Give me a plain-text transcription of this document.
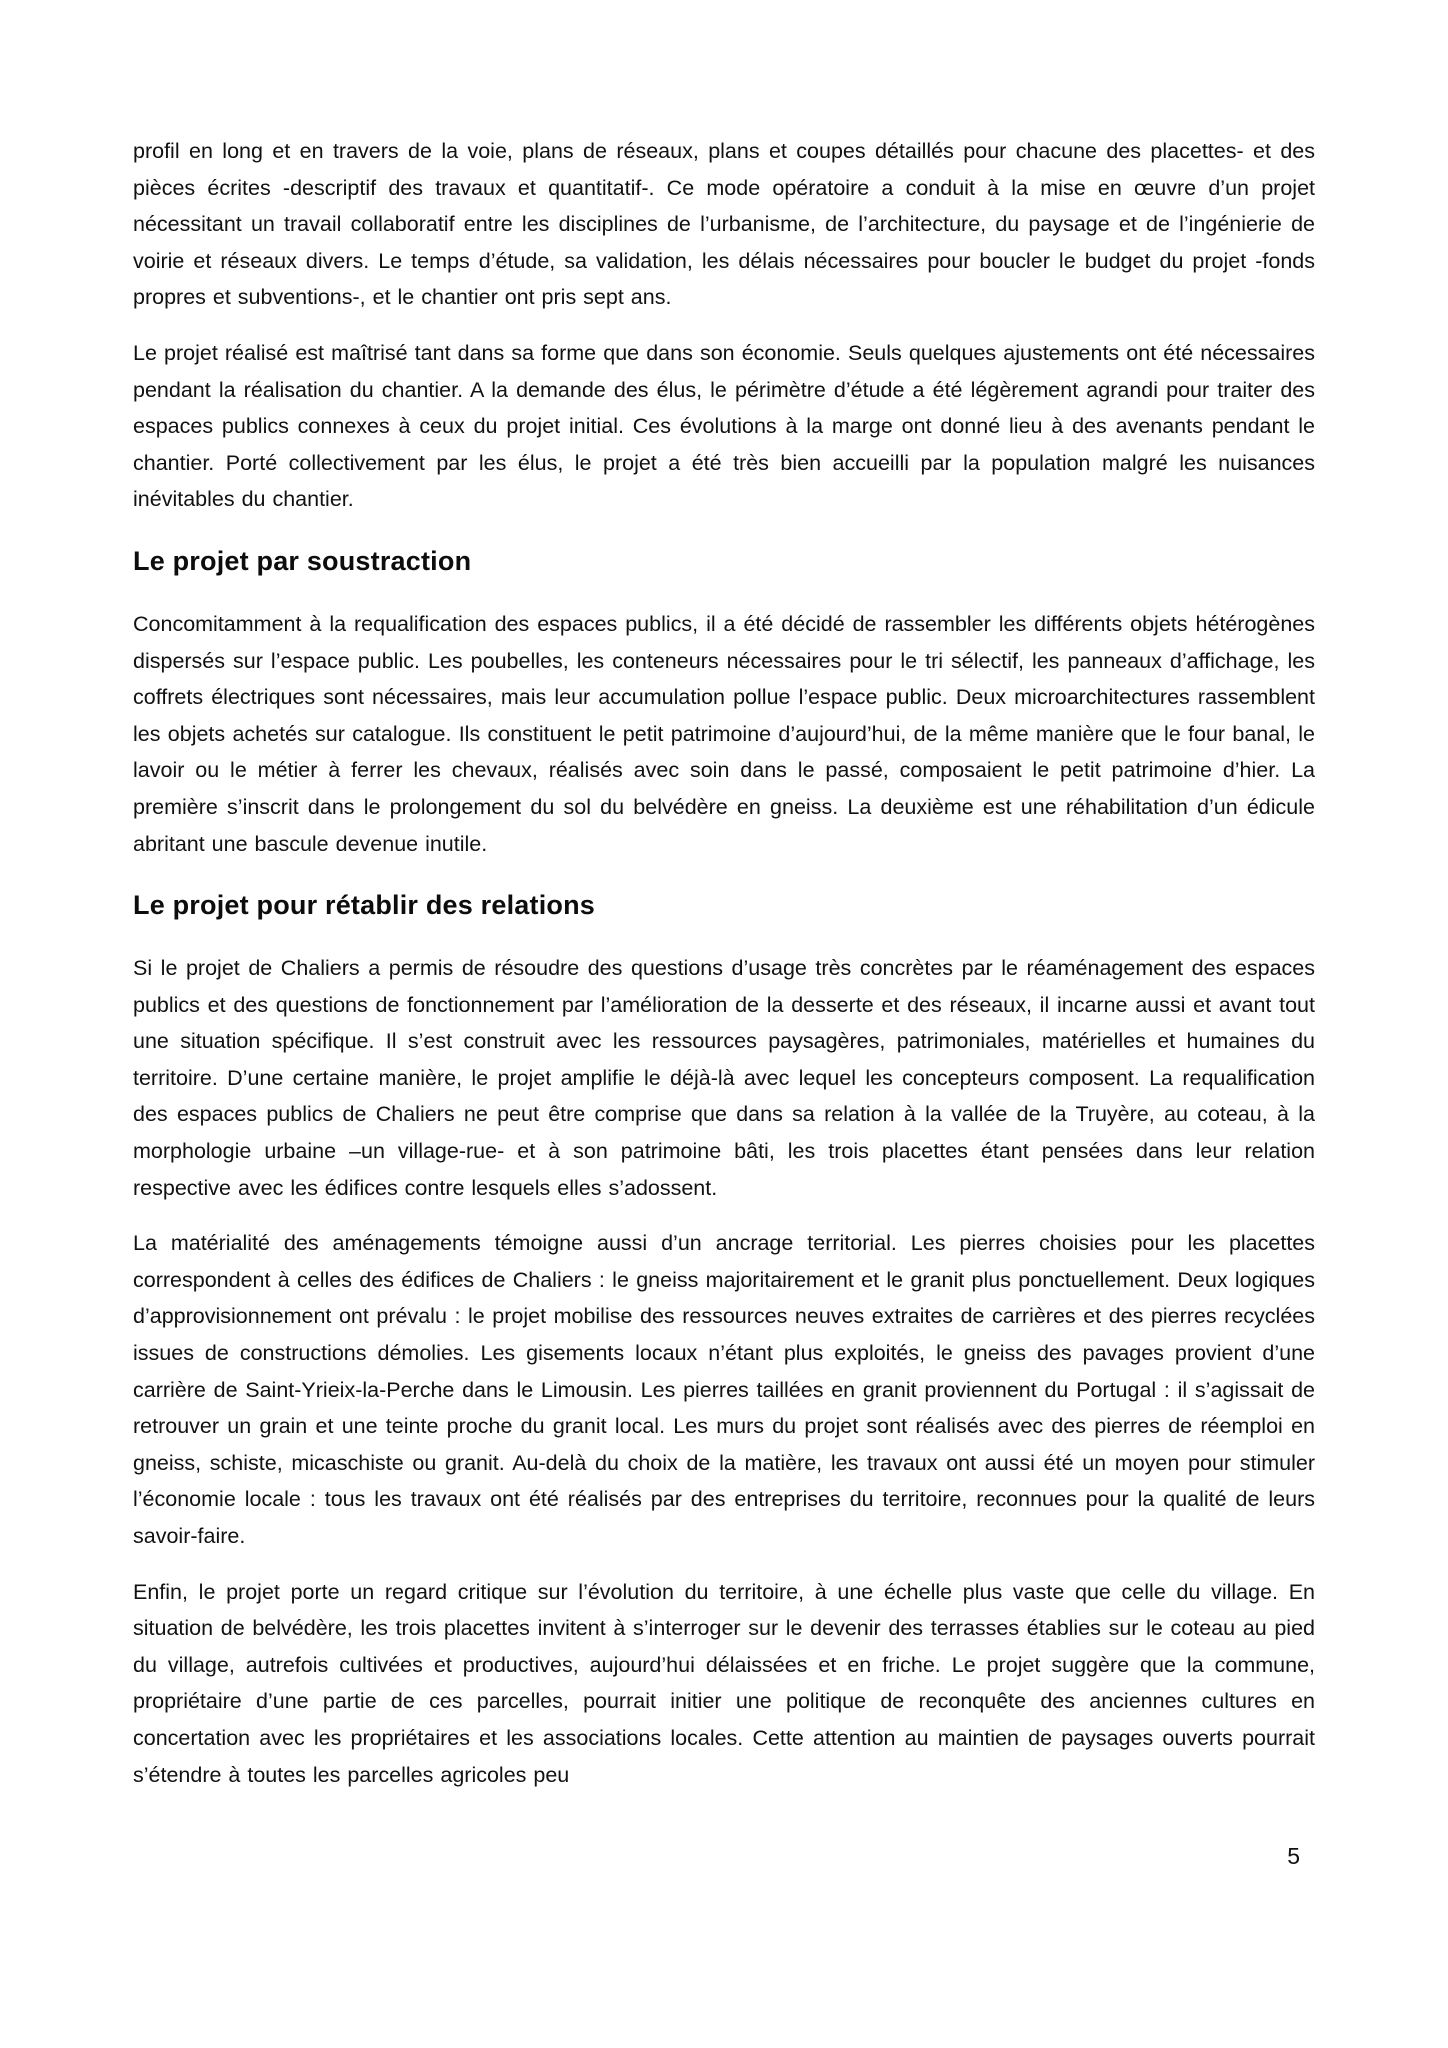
profil en long et en travers de la voie, plans de réseaux, plans et coupes détaillés pour chacune des placettes- et des pièces écrites -descriptif des travaux et quantitatif-. Ce mode opératoire a conduit à la mise en œuvre d’un projet nécessitant un travail collaboratif entre les disciplines de l’urbanisme, de l’architecture, du paysage et de l’ingénierie de voirie et réseaux divers. Le temps d’étude, sa validation, les délais nécessaires pour boucler le budget du projet -fonds propres et subventions-, et le chantier ont pris sept ans.

Le projet réalisé est maîtrisé tant dans sa forme que dans son économie. Seuls quelques ajustements ont été nécessaires pendant la réalisation du chantier. A la demande des élus, le périmètre d’étude a été légèrement agrandi pour traiter des espaces publics connexes à ceux du projet initial. Ces évolutions à la marge ont donné lieu à des avenants pendant le chantier. Porté collectivement par les élus, le projet a été très bien accueilli par la population malgré les nuisances inévitables du chantier.

Le projet par soustraction

Concomitamment à la requalification des espaces publics, il a été décidé de rassembler les différents objets hétérogènes dispersés sur l’espace public. Les poubelles, les conteneurs nécessaires pour le tri sélectif, les panneaux d’affichage, les coffrets électriques sont nécessaires, mais leur accumulation pollue l’espace public. Deux microarchitectures rassemblent les objets achetés sur catalogue. Ils constituent le petit patrimoine d’aujourd’hui, de la même manière que le four banal, le lavoir ou le métier à ferrer les chevaux, réalisés avec soin dans le passé, composaient le petit patrimoine d’hier. La première s’inscrit dans le prolongement du sol du belvédère en gneiss. La deuxième est une réhabilitation d’un édicule abritant une bascule devenue inutile.

Le projet pour rétablir des relations

Si le projet de Chaliers a permis de résoudre des questions d’usage très concrètes par le réaménagement des espaces publics et des questions de fonctionnement par l’amélioration de la desserte et des réseaux, il incarne aussi et avant tout une situation spécifique. Il s’est construit avec les ressources paysagères, patrimoniales, matérielles et humaines du territoire. D’une certaine manière, le projet amplifie le déjà-là avec lequel les concepteurs composent. La requalification des espaces publics de Chaliers ne peut être comprise que dans sa relation à la vallée de la Truyère, au coteau, à la morphologie urbaine –un village-rue- et à son patrimoine bâti, les trois placettes étant pensées dans leur relation respective avec les édifices contre lesquels elles s’adossent.

La matérialité des aménagements témoigne aussi d’un ancrage territorial. Les pierres choisies pour les placettes correspondent à celles des édifices de Chaliers : le gneiss majoritairement et le granit plus ponctuellement. Deux logiques d’approvisionnement ont prévalu : le projet mobilise des ressources neuves extraites de carrières et des pierres recyclées issues de constructions démolies. Les gisements locaux n’étant plus exploités, le gneiss des pavages provient d’une carrière de Saint-Yrieix-la-Perche dans le Limousin. Les pierres taillées en granit proviennent du Portugal : il s’agissait de retrouver un grain et une teinte proche du granit local. Les murs du projet sont réalisés avec des pierres de réemploi en gneiss, schiste, micaschiste ou granit. Au-delà du choix de la matière, les travaux ont aussi été un moyen pour stimuler l’économie locale : tous les travaux ont été réalisés par des entreprises du territoire, reconnues pour la qualité de leurs savoir-faire.

Enfin, le projet porte un regard critique sur l’évolution du territoire, à une échelle plus vaste que celle du village. En situation de belvédère, les trois placettes invitent à s’interroger sur le devenir des terrasses établies sur le coteau au pied du village, autrefois cultivées et productives, aujourd’hui délaissées et en friche. Le projet suggère que la commune, propriétaire d’une partie de ces parcelles, pourrait initier une politique de reconquête des anciennes cultures en concertation avec les propriétaires et les associations locales. Cette attention au maintien de paysages ouverts pourrait s’étendre à toutes les parcelles agricoles peu

5
